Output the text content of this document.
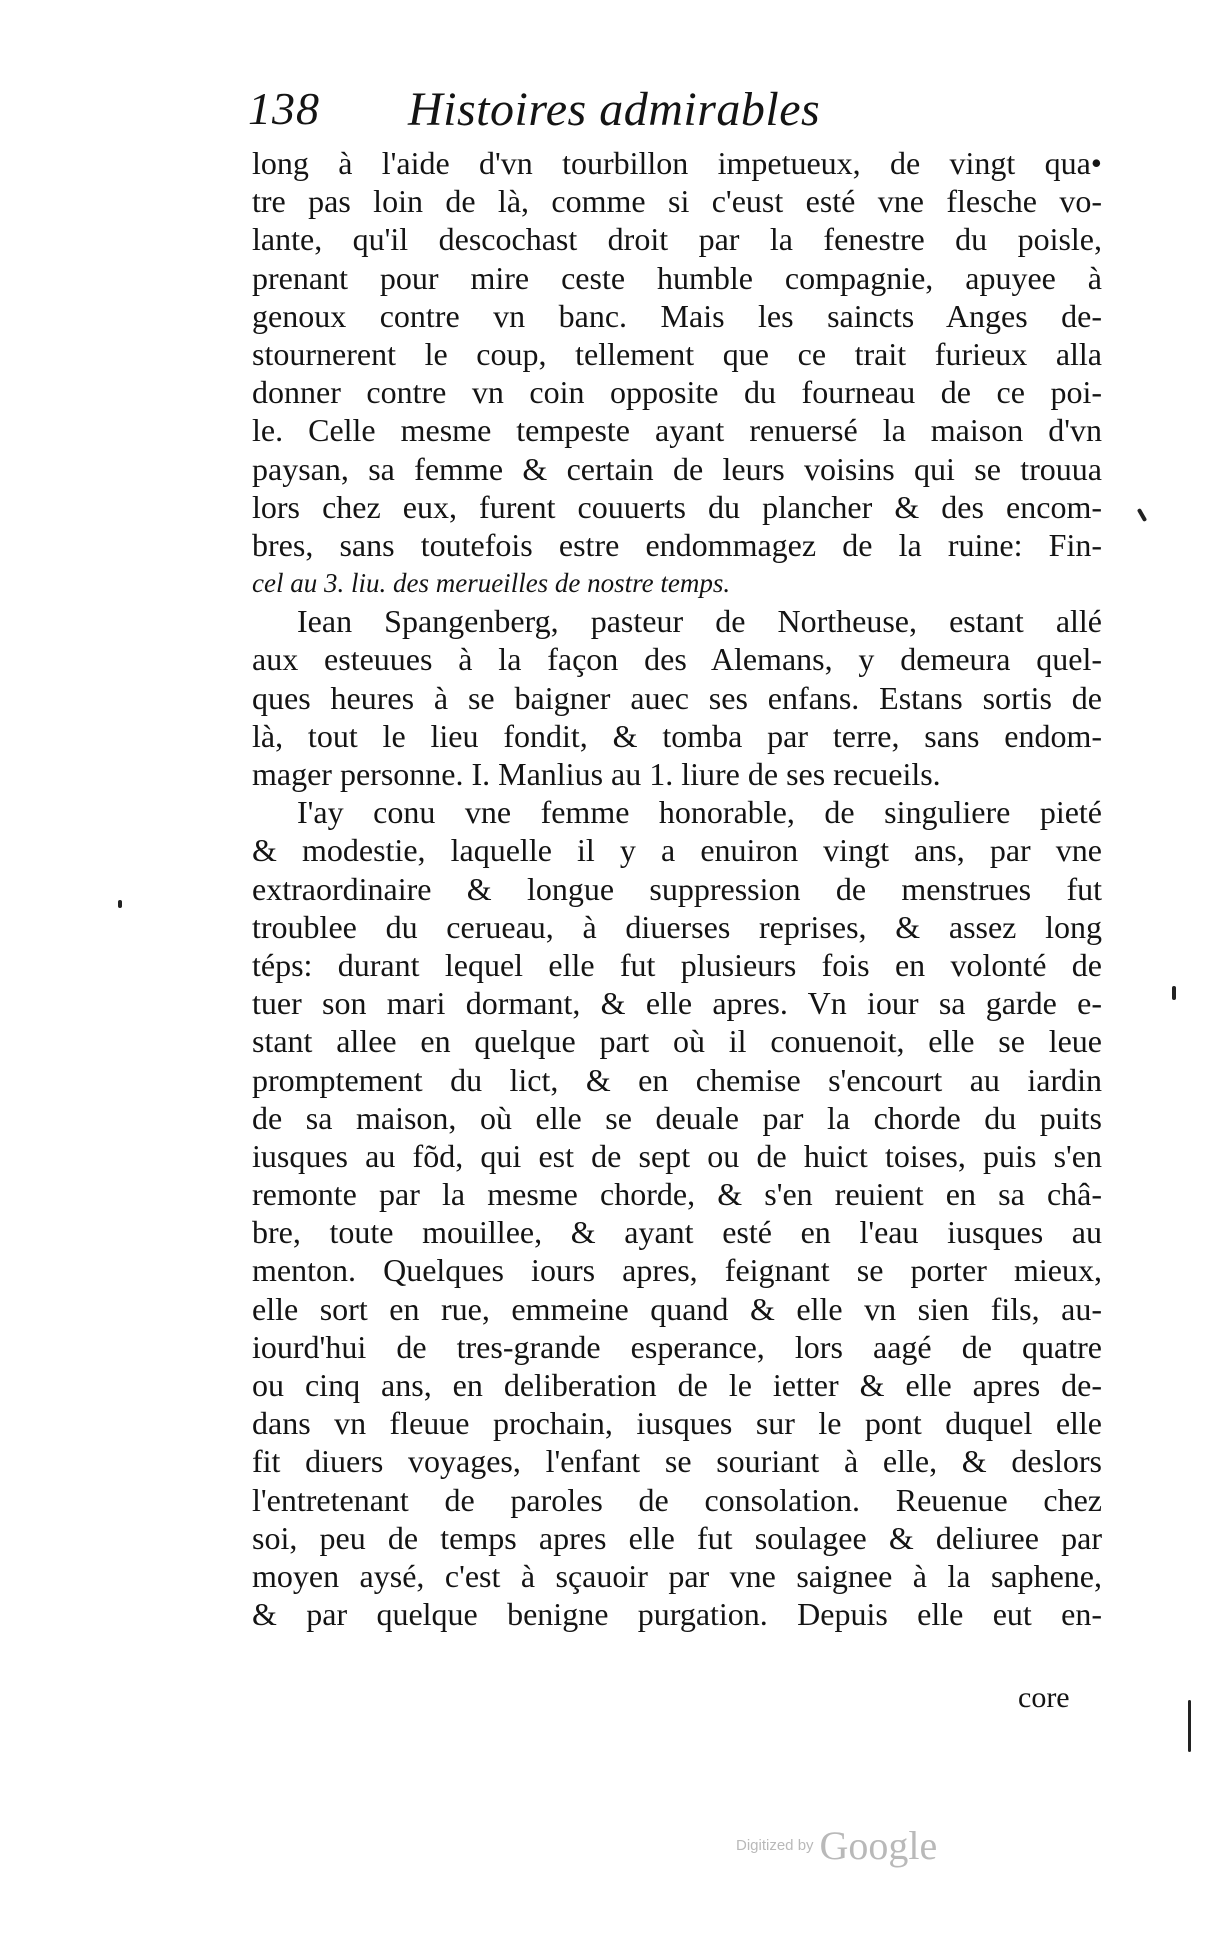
138 Histoires admirables
long à l'aide d'vn tourbillon impetueux, de vingt qua•
tre pas loin de là, comme si c'eust esté vne flesche vo-
lante, qu'il descochast droit par la fenestre du poisle,
prenant pour mire ceste humble compagnie, apuyee à
genoux contre vn banc. Mais les saincts Anges de-
stournerent le coup, tellement que ce trait furieux alla
donner contre vn coin opposite du fourneau de ce poi-
le. Celle mesme tempeste ayant renuersé la maison d'vn
paysan, sa femme & certain de leurs voisins qui se trouua
lors chez eux, furent couuerts du plancher & des encom-
bres, sans toutefois estre endommagez de la ruine: Fin-
cel au 3. liu. des merueilles de nostre temps.
Iean Spangenberg, pasteur de Northeuse, estant allé
aux esteuues à la façon des Alemans, y demeura quel-
ques heures à se baigner auec ses enfans. Estans sortis de
là, tout le lieu fondit, & tomba par terre, sans endom-
mager personne. I. Manlius au 1. liure de ses recueils.
I'ay conu vne femme honorable, de singuliere pieté
& modestie, laquelle il y a enuiron vingt ans, par vne
extraordinaire & longue suppression de menstrues fut
troublee du cerueau, à diuerses reprises, & assez long
téps: durant lequel elle fut plusieurs fois en volonté de
tuer son mari dormant, & elle apres. Vn iour sa garde e-
stant allee en quelque part où il conuenoit, elle se leue
promptement du lict, & en chemise s'encourt au iardin
de sa maison, où elle se deuale par la chorde du puits
iusques au fõd, qui est de sept ou de huict toises, puis s'en
remonte par la mesme chorde, & s'en reuient en sa châ-
bre, toute mouillee, & ayant esté en l'eau iusques au
menton. Quelques iours apres, feignant se porter mieux,
elle sort en rue, emmeine quand & elle vn sien fils, au-
iourd'hui de tres-grande esperance, lors aagé de quatre
ou cinq ans, en deliberation de le ietter & elle apres de-
dans vn fleuue prochain, iusques sur le pont duquel elle
fit diuers voyages, l'enfant se souriant à elle, & deslors
l'entretenant de paroles de consolation. Reuenue chez
soi, peu de temps apres elle fut soulagee & deliuree par
moyen aysé, c'est à sçauoir par vne saignee à la saphene,
& par quelque benigne purgation. Depuis elle eut en-
core
Digitized by Google
